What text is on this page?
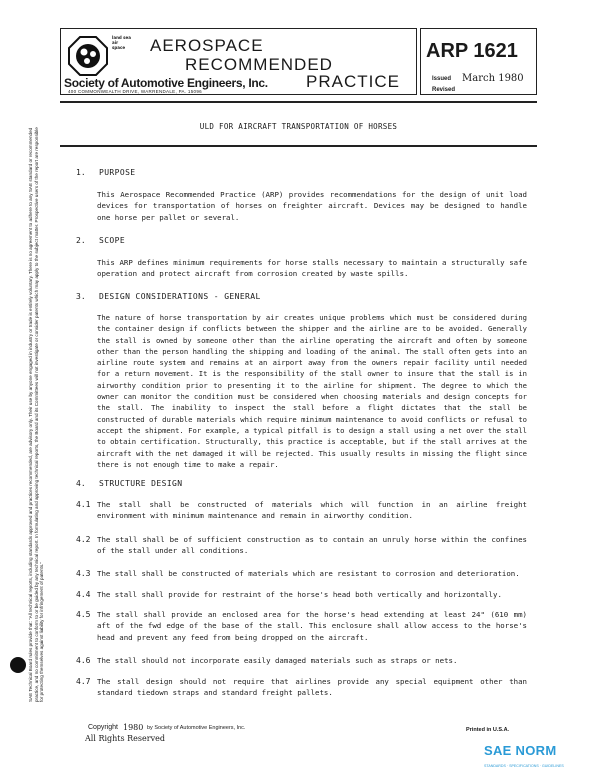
land sea air space	AEROSPACE
RECOMMENDED
PRACTICE
Society of Automotive Engineers, Inc.
400 COMMONWEALTH DRIVE, WARRENDALE, PA. 15096
ARP 1621
Issued March 1980
Revised
ULD FOR AIRCRAFT TRANSPORTATION OF HORSES
SAE Technical Board rules provide that: "All technical reports, including standards approved and practices recommended, are advisory only. Their use by anyone engaged in industry or trade is entirely voluntary. There is no agreement to adhere to any SAE standard or recommended practice, and no commitment to conform to or be guided by any technical report. In formulating and approving technical reports, the Board and its Committees will not investigate or consider patents which may apply to the subject matter. Prospective users of the report are responsible for protecting themselves against liability for infringement of patents."
1. PURPOSE
This Aerospace Recommended Practice (ARP) provides recommendations for the design of unit load devices for transportation of horses on freighter aircraft. Devices may be designed to handle one horse per pallet or several.
2. SCOPE
This ARP defines minimum requirements for horse stalls necessary to maintain a structurally safe operation and protect aircraft from corrosion created by waste spills.
3. DESIGN CONSIDERATIONS - GENERAL
The nature of horse transportation by air creates unique problems which must be considered during the container design if conflicts between the shipper and the airline are to be avoided. Generally the stall is owned by someone other than the airline operating the aircraft and often by someone other than the person handling the shipping and loading of the animal. The stall often gets into an airline route system and remains at an airport away from the owners repair facility until needed for a return movement. It is the responsibility of the stall owner to insure that the stall is in airworthy condition prior to presenting it to the airline for shipment. The degree to which the owner can monitor the condition must be considered when choosing materials and design concepts for the stall. The inability to inspect the stall before a flight dictates that the stall be constructed of durable materials which require minimum maintenance to avoid conflicts or refusal to accept the shipment. For example, a typical pitfall is to design a stall using a net over the stall to obtain certification. Structurally, this practice is acceptable, but if the stall arrives at the aircraft with the net damaged it will be rejected. This usually results in missing the flight since there is not enough time to make a repair.
4. STRUCTURE DESIGN
4.1 The stall shall be constructed of materials which will function in an airline freight environment with minimum maintenance and remain in airworthy condition.
4.2 The stall shall be of sufficient construction as to contain an unruly horse within the confines of the stall under all conditions.
4.3 The stall shall be constructed of materials which are resistant to corrosion and deterioration.
4.4 The stall shall provide for restraint of the horse's head both vertically and horizontally.
4.5 The stall shall provide an enclosed area for the horse's head extending at least 24" (610 mm) aft of the fwd edge of the base of the stall. This enclosure shall allow access to the horse's head and prevent any feed from being dropped on the aircraft.
4.6 The stall should not incorporate easily damaged materials such as straps or nets.
4.7 The stall design should not require that airlines provide any special equipment other than standard tiedown straps and standard freight pallets.
Copyright 1980 by Society of Automotive Engineers, Inc.
All Rights Reserved
Printed in U.S.A.
SAE NORM
STANDARDS · SPECIFICATIONS · GUIDELINES
